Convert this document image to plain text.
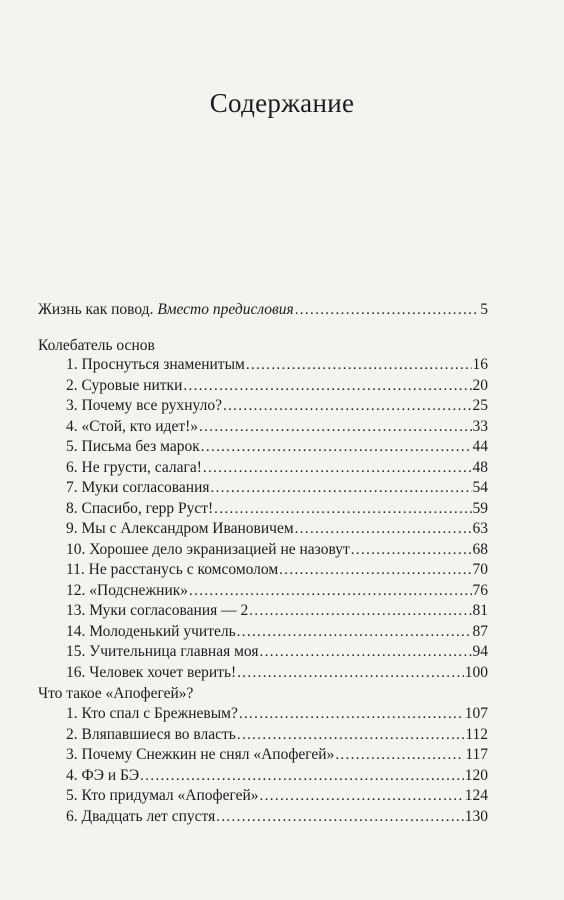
Содержание
Жизнь как повод. Вместо предисловия . . .	5
Колебатель основ
1. Проснуться знаменитым . . .	16
2. Суровые нитки . . .	20
3. Почему все рухнуло? . . .	25
4. «Стой, кто идет!» . . .	33
5. Письма без марок . . .	44
6. Не грусти, салага! . . .	48
7. Муки согласования . . .	54
8. Спасибо, герр Руст! . . .	59
9. Мы с Александром Ивановичем . . .	63
10. Хорошее дело экранизацией не назовут . . .	68
11. Не расстанусь с комсомолом . . .	70
12. «Подснежник» . . .	76
13. Муки согласования — 2 . . .	81
14. Молоденький учитель . . .	87
15. Учительница главная моя . . .	94
16. Человек хочет верить! . . .	100
Что такое «Апофегей»?
1. Кто спал с Брежневым? . . .	107
2. Вляпавшиеся во власть . . .	112
3. Почему Снежкин не снял «Апофегей» . . .	117
4. ФЭ и БЭ . . .	120
5. Кто придумал «Апофегей» . . .	124
6. Двадцать лет спустя . . .	130
